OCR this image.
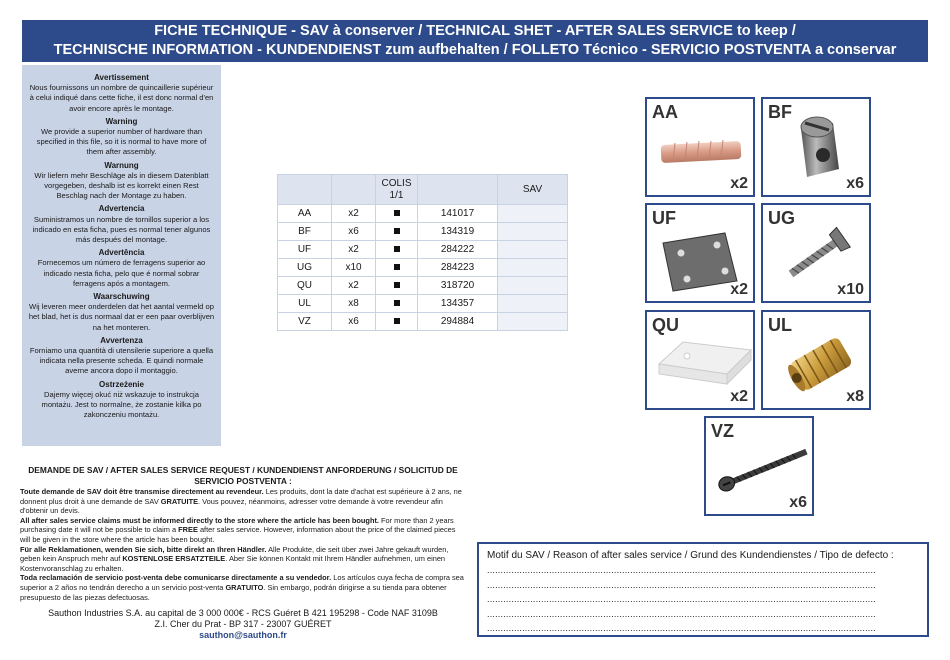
FICHE TECHNIQUE - SAV à conserver / TECHNICAL SHET - AFTER SALES SERVICE to keep /
TECHNISCHE INFORMATION - KUNDENDIENST zum aufbehalten / FOLLETO Técnico - SERVICIO POSTVENTA a conservar
Avertissement

Nous fournissons un nombre de quincaillerie supérieur à celui indiqué dans cette fiche, il est donc normal d'en avoir encore après le montage.

Warning

We provide a superior number of hardware than specified in this file, so it is normal to have more of them after assembly.

Warnung

Wir liefern mehr Beschläge als in diesem Datenblatt vorgegeben, deshalb ist es korrekt einen Rest Beschlag nach der Montage zu haben.

Advertencia

Suministramos un nombre de tornillos superior a los indicado en esta ficha, pues es normal tener algunos más después del montage.

Advertência

Fornecemos um número de ferragens superior ao indicado nesta ficha, pelo que é normal sobrar ferragens após a montagem.

Waarschuwing

Wij leveren meer onderdelen dat het aantal vermeld op het blad, het is dus normaal dat er een paar overblijven na het monteren.

Avvertenza

Forniamo una quantità di utensilerie superiore a quella indicata nella presente scheda. E quindi normale averne ancora dopo il montaggio.

Ostrzeżenie

Dajemy więcej okuć niż wskazuje to instrukcja montażu. Jest to normalne, że zostanie kilka po zakonczeniu montażu.

		COLIS 1/1		SAV
AA	x2		141017	
BF	x6		134319	
UF	x2		284222	
UG	x10		284223	
QU	x2		318720	
UL	x8		134357	
VZ	x6		294884	
AA
x2
BF
x6
UF
x2
UG
x10
QU
x2
UL
x8
VZ
x6
DEMANDE DE SAV / AFTER SALES SERVICE REQUEST / KUNDENDIENST ANFORDERUNG / SOLICITUD DE SERVICIO POSTVENTA :

Toute demande de SAV doit être transmise directement au revendeur. Les produits, dont la date d'achat est supérieure à 2 ans, ne donnent plus droit à une demande de SAV GRATUITE. Vous pouvez, néanmoins, adresser votre demande à votre revendeur afin d'obtenir un devis.

All after sales service claims must be informed directly to the store where the article has been bought. For more than 2 years purchasing date it will not be possible to claim a FREE after sales service. However, information about the price of the claimed pieces will be given in the store where the article has been bought.

Für alle Reklamationen, wenden Sie sich, bitte direkt an Ihren Händler. Alle Produkte, die seit über zwei Jahre gekauft wurden, geben kein Anspruch mehr auf KOSTENLOSE ERSATZTEILE. Aber Sie können Kontakt mit Ihrem Händler aufnehmen, um einen Kostenvoranschlag zu erhalten.

Toda reclamación de servicio post-venta debe comunicarse directamente a su vendedor. Los artículos cuya fecha de compra sea superior a 2 años no tendrán derecho a un servicio post-venta GRATUITO. Sin embargo, podrán dirigirse a su tienda para obtener presupuesto de las piezas defectuosas.

Sauthon Industries S.A. au capital de 3 000 000€ - RCS Guéret B 421 195298 - Code NAF 3109B
Z.I. Cher du Prat - BP 317 - 23007 GUÉRET
sauthon@sauthon.fr
Motif du SAV / Reason of after sales service / Grund des Kundendienstes / Tipo de defecto :
................................................................................................................................................
................................................................................................................................................
................................................................................................................................................
................................................................................................................................................
................................................................................................................................................
